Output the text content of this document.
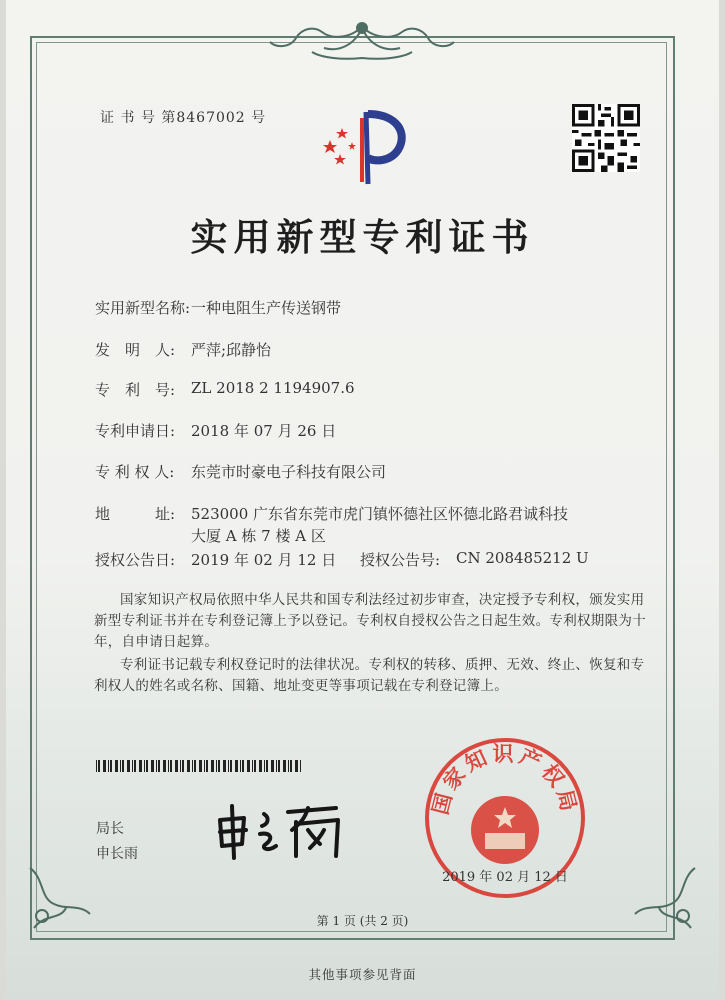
证 书 号 第8467002 号
实用新型专利证书
实用新型名称: 一种电阻生产传送钢带
发　明　人: 严萍;邱静怡
专　利　号: ZL 2018 2 1194907.6
专利申请日: 2018 年 07 月 26 日
专 利 权 人: 东莞市时豪电子科技有限公司
地　　　址: 523000 广东省东莞市虎门镇怀德社区怀德北路君诚科技
大厦 A 栋 7 楼 A 区
授权公告日: 2019 年 02 月 12 日 授权公告号: CN 208485212 U
国家知识产权局依照中华人民共和国专利法经过初步审查，决定授予专利权，颁发实用
新型专利证书并在专利登记簿上予以登记。专利权自授权公告之日起生效。专利权期限为十
年，自申请日起算。
专利证书记载专利权登记时的法律状况。专利权的转移、质押、无效、终止、恢复和专
利权人的姓名或名称、国籍、地址变更等事项记载在专利登记簿上。
局长
申长雨
国家知识产权局
2019 年 02 月 12 日
第 1 页 (共 2 页)
其他事项参见背面
